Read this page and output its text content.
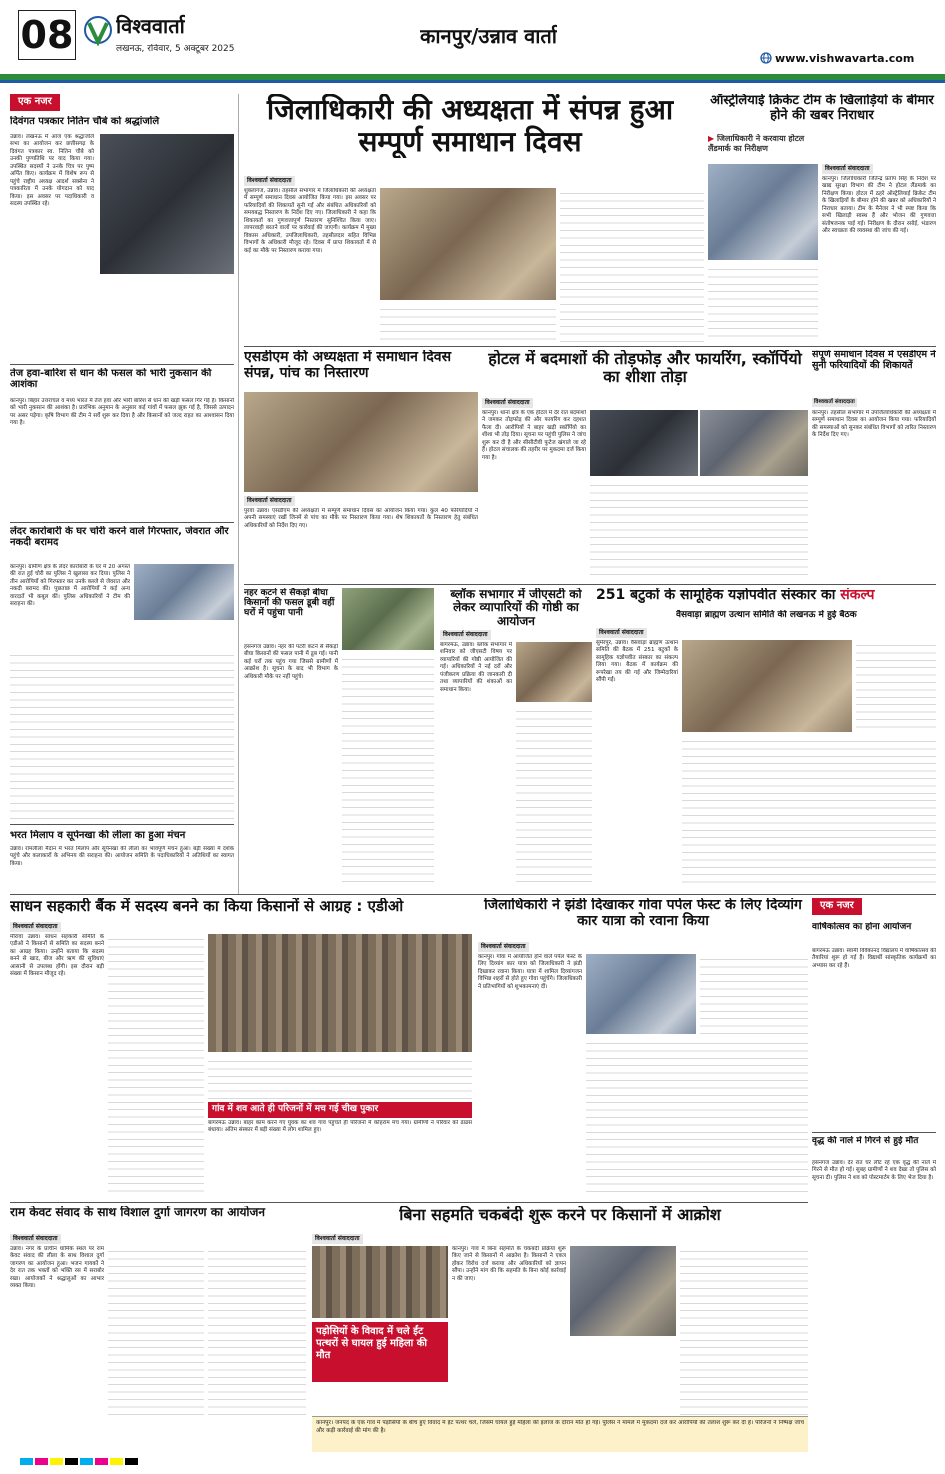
08 विश्ववार्ता
लखनऊ, रविवार, 5 अक्टूबर 2025
कानपुर/उन्नाव वार्ता
www.vishwavarta.com
एक नजर
दिवंगत पत्रकार नितिन चौबे को श्रद्धांजलि
उन्नाव। लखनऊ में आज एक श्रद्धांजलि सभा का आयोजन कर छत्तीसगढ़ के दिवंगत पत्रकार स्व. नितिन चौबे को उनकी पुण्यतिथि पर याद किया गया। उपस्थित सदस्यों ने उनके चित्र पर पुष्प अर्पित किए। कार्यक्रम में विशेष रूप से पहुंचे राष्ट्रीय अध्यक्ष आदर्श सक्सेना ने पत्रकारिता में उनके योगदान को याद किया। इस अवसर पर पदाधिकारी व सदस्य उपस्थित रहे।
तेज हवा-बारिश से धान की फसल को भारी नुकसान की आशंका
कानपुर। बिहार उत्तरांचल व मध्य भारत में तेज हवा और भारी बारिश से धान की खड़ी फसल गिर गई है। किसानों को भारी नुकसान की आशंका है। प्रारंभिक अनुमान के अनुसार कई गांवों में फसल झुक गई है, जिससे उत्पादन पर असर पड़ेगा। कृषि विभाग की टीम ने सर्वे शुरू कर दिया है और किसानों को जल्द राहत का आश्वासन दिया गया है।
लेंदर कारोबारी के घर चोरी करने वाले गिरफ्तार, जेवरात और नकदी बरामद
कानपुर। ग्रामीण क्षेत्र के लेदर कारोबारी के घर में 20 अगस्त की रात हुई चोरी का पुलिस ने खुलासा कर दिया। पुलिस ने तीन आरोपियों को गिरफ्तार कर उनके कब्जे से जेवरात और नकदी बरामद की। पूछताछ में आरोपियों ने कई अन्य वारदातें भी कबूल कीं। पुलिस अधिकारियों ने टीम की सराहना की।
भरत मिलाप व सूर्पनखा की लीला का हुआ मंचन
उन्नाव। रामलीला मैदान में भरत मिलाप और सूर्पनखा की लीला का भावपूर्ण मंचन हुआ। बड़ी संख्या में दर्शक पहुंचे और कलाकारों के अभिनय की सराहना की। आयोजन समिति के पदाधिकारियों ने अतिथियों का स्वागत किया।
जिलाधिकारी की अध्यक्षता में संपन्न हुआ सम्पूर्ण समाधान दिवस
विश्ववार्ता संवाददाता
शुक्लागंज, उन्नाव। तहसील सभागार में जिलाधिकारी की अध्यक्षता में सम्पूर्ण समाधान दिवस आयोजित किया गया। इस अवसर पर फरियादियों की शिकायतें सुनी गईं और संबंधित अधिकारियों को समयबद्ध निस्तारण के निर्देश दिए गए। जिलाधिकारी ने कहा कि शिकायतों का गुणवत्तापूर्ण निस्तारण सुनिश्चित किया जाए। लापरवाही बरतने वालों पर कार्रवाई की जाएगी। कार्यक्रम में मुख्य विकास अधिकारी, उपजिलाधिकारी, तहसीलदार सहित विभिन्न विभागों के अधिकारी मौजूद रहे। दिवस में प्राप्त शिकायतों में से कई का मौके पर निस्तारण कराया गया।
ऑस्ट्रेलियाई क्रिकेट टीम के खिलाड़ियों के बीमार होने की खबर निराधार
▶ जिलाधिकारी ने करवाया होटल लैंडमार्क का निरीक्षण
विश्ववार्ता संवाददाता
कानपुर। जिलाधिकारी जितेन्द्र प्रताप सिंह के निर्देश पर खाद्य सुरक्षा विभाग की टीम ने होटल लैंडमार्क का निरीक्षण किया। होटल में ठहरे ऑस्ट्रेलियाई क्रिकेट टीम के खिलाड़ियों के बीमार होने की खबर को अधिकारियों ने निराधार बताया। टीम के मैनेजर ने भी स्पष्ट किया कि सभी खिलाड़ी स्वस्थ हैं और भोजन की गुणवत्ता संतोषजनक पाई गई। निरीक्षण के दौरान रसोई, भंडारण और स्वच्छता की व्यवस्था की जांच की गई।
एसडीएम की अध्यक्षता में समाधान दिवस संपन्न, पांच का निस्तारण
विश्ववार्ता संवाददाता
पुरवा उन्नाव। एसडीएम की अध्यक्षता में सम्पूर्ण समाधान दिवस का आयोजन किया गया। कुल 40 फरियादियों ने अपनी समस्याएं रखीं जिनमें से पांच का मौके पर निस्तारण किया गया। शेष शिकायतों के निस्तारण हेतु संबंधित अधिकारियों को निर्देश दिए गए।
होटल में बदमाशों की तोड़फोड़ और फायरिंग, स्कॉर्पियो का शीशा तोड़ा
विश्ववार्ता संवाददाता
कानपुर। थाना क्षेत्र के एक होटल में देर रात बदमाशों ने जमकर तोड़फोड़ की और फायरिंग कर दहशत फैला दी। आरोपियों ने बाहर खड़ी स्कॉर्पियो का शीशा भी तोड़ दिया। सूचना पर पहुंची पुलिस ने जांच शुरू कर दी है और सीसीटीवी फुटेज खंगाले जा रहे हैं। होटल संचालक की तहरीर पर मुकदमा दर्ज किया गया है।
संपूर्ण समाधान दिवस में एसडीएम ने सुनी फरियादियों की शिकायतें
विश्ववार्ता संवाददाता
कानपुर। तहसील सभागार में उपजिलाधिकारी की अध्यक्षता में सम्पूर्ण समाधान दिवस का आयोजन किया गया। फरियादियों की समस्याओं को सुनकर संबंधित विभागों को त्वरित निस्तारण के निर्देश दिए गए।
नहर कटने से सैकड़ों बीघा किसानों की फसल डूबी वहीं घरों में पहुंचा पानी
हसनगंज उन्नाव। नहर की पटरी कटने से सैकड़ों बीघा किसानों की फसल पानी में डूब गई। पानी कई घरों तक पहुंच गया जिससे ग्रामीणों में आक्रोश है। सूचना के बाद भी विभाग के अधिकारी मौके पर नहीं पहुंचे।
ब्लॉक सभागार में जीएसटी को लेकर व्यापारियों की गोष्ठी का आयोजन
विश्ववार्ता संवाददाता
बांगरमऊ, उन्नाव। ब्लॉक सभागार में शनिवार को जीएसटी विषय पर व्यापारियों की गोष्ठी आयोजित की गई। अधिकारियों ने नई दरों और पंजीकरण प्रक्रिया की जानकारी दी तथा व्यापारियों की शंकाओं का समाधान किया।
251 बटुकों के सामूहिक यज्ञोपवीत संस्कार का संकल्प
वैसवाड़ा ब्राह्मण उत्थान समिति की लखनऊ में हुई बैठक
विश्ववार्ता संवाददाता
सुमेरपुर, उन्नाव। वैसवाड़ा ब्राह्मण उत्थान समिति की बैठक में 251 बटुकों के सामूहिक यज्ञोपवीत संस्कार का संकल्प लिया गया। बैठक में कार्यक्रम की रूपरेखा तय की गई और जिम्मेदारियां सौंपी गईं।
साधन सहकारी बैंक में सदस्य बनने का किया किसानों से आग्रह : एडीओ
विश्ववार्ता संवाददाता
मौरावां उन्नाव। साधन सहकारी समिति के एडीओ ने किसानों से समिति का सदस्य बनने का आग्रह किया। उन्होंने बताया कि सदस्य बनने से खाद, बीज और ऋण की सुविधाएं आसानी से उपलब्ध होंगी। इस दौरान बड़ी संख्या में किसान मौजूद रहे।
गांव में शव आते ही परिजनों में मच गई चीख पुकार
बांगरमऊ उन्नाव। बाहर काम करने गए युवक का शव गांव पहुंचते ही परिजनों में कोहराम मच गया। ग्रामीणों ने परिवार को ढांढस बंधाया। अंतिम संस्कार में बड़ी संख्या में लोग शामिल हुए।
जिलाधिकारी ने झंडी दिखाकर गोवा पर्पल फेस्ट के लिए दिव्यांग कार यात्रा को रवाना किया
विश्ववार्ता संवाददाता
कानपुर। गोवा में आयोजित होने वाले पर्पल फेस्ट के लिए दिव्यांग कार यात्रा को जिलाधिकारी ने झंडी दिखाकर रवाना किया। यात्रा में शामिल दिव्यांगजन विभिन्न शहरों से होते हुए गोवा पहुंचेंगे। जिलाधिकारी ने प्रतिभागियों को शुभकामनाएं दीं।
एक नजर
वार्षिकोत्सव का होना आयोजन
बांगरमऊ उन्नाव। स्वामी विवेकानंद विद्यालय में वार्षिकोत्सव की तैयारियां शुरू हो गई हैं। विद्यार्थी सांस्कृतिक कार्यक्रमों का अभ्यास कर रहे हैं।
वृद्ध की नाले में गिरने से हुई मौत
हसनगंज उन्नाव। देर रात घर लौट रहे एक वृद्ध की नाले में गिरने से मौत हो गई। सुबह ग्रामीणों ने शव देखा तो पुलिस को सूचना दी। पुलिस ने शव को पोस्टमार्टम के लिए भेज दिया है।
राम केवट संवाद के साथ विशाल दुर्गा जागरण का आयोजन
विश्ववार्ता संवाददाता
उन्नाव। नगर के प्राचीन धार्मिक स्थल पर राम केवट संवाद की लीला के साथ विशाल दुर्गा जागरण का आयोजन हुआ। भजन गायकों ने देर रात तक भक्तों को भक्ति रस में सराबोर रखा। आयोजकों ने श्रद्धालुओं का आभार व्यक्त किया।
बिना सहमति चकबंदी शुरू करने पर किसानों में आक्रोश
विश्ववार्ता संवाददाता
पड़ोसियों के विवाद में चले ईंट पत्थरों से घायल हुई महिला की मौत
कानपुर। गांव में बिना सहमति के चकबंदी प्रक्रिया शुरू किए जाने से किसानों में आक्रोश है। किसानों ने एकत्र होकर विरोध दर्ज कराया और अधिकारियों को ज्ञापन सौंपा। उन्होंने मांग की कि सहमति के बिना कोई कार्रवाई न की जाए।
कानपुर। जनपद के एक गांव में पड़ोसियों के बीच हुए विवाद में ईंट पत्थर चले, जिसमें घायल हुई महिला की इलाज के दौरान मौत हो गई। पुलिस ने मामले में मुकदमा दर्ज कर आरोपियों की तलाश शुरू कर दी है। परिजनों ने निष्पक्ष जांच और कड़ी कार्रवाई की मांग की है।
